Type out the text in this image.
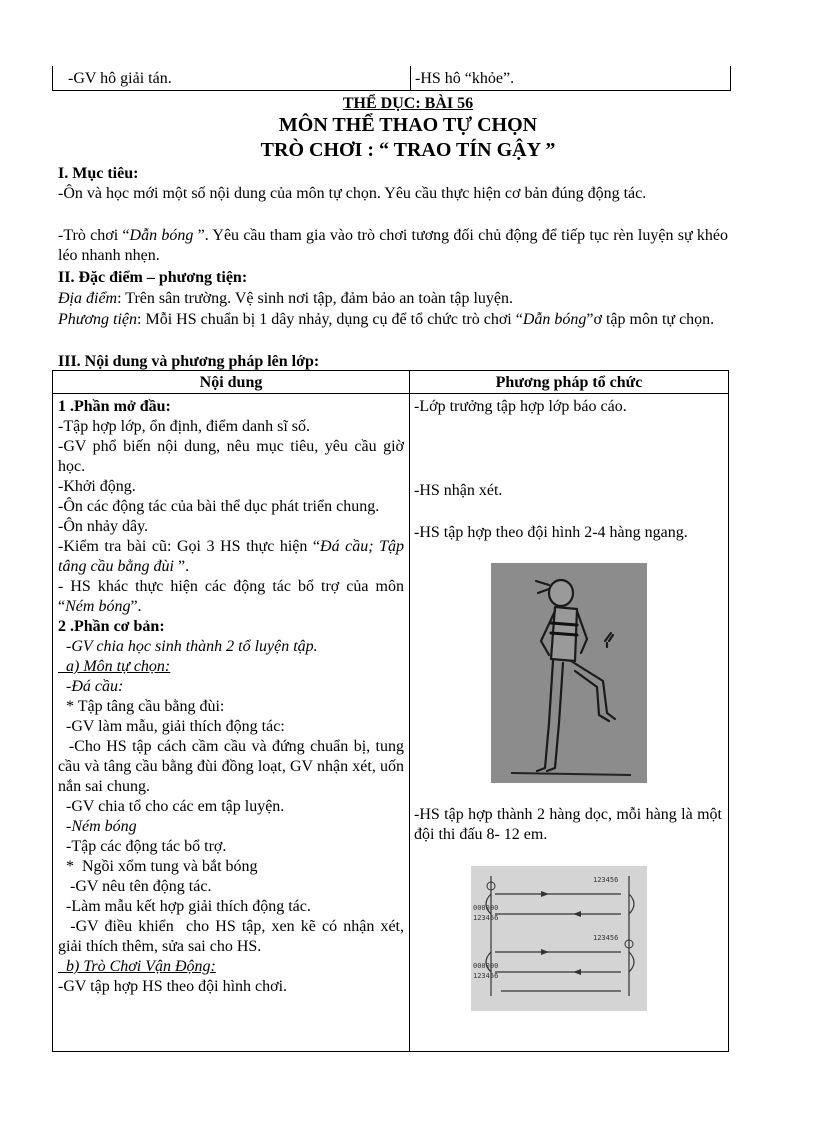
-GV hô giải tán.	-HS hô “khỏe”.
THỂ DỤC: BÀI 56
MÔN THỂ THAO TỰ CHỌN
TRÒ CHƠI : “ TRAO TÍN GẬY ”
I. Mục tiêu:
-Ôn và học mới một số nội dung của môn tự chọn. Yêu cầu thực hiện cơ bản đúng động tác.
-Trò chơi “Dẫn bóng ”. Yêu cầu tham gia vào trò chơi tương đối chủ động để tiếp tục rèn luyện sự khéo léo nhanh nhẹn.
II. Đặc điểm – phương tiện:
Địa điểm: Trên sân trường. Vệ sinh nơi tập, đảm bảo an toàn tập luyện.
Phương tiện: Mỗi HS chuẩn bị 1 dây nhảy, dụng cụ để tổ chức trò chơi “Dẫn bóng”ơ tập môn tự chọn.
III. Nội dung và phương pháp lên lớp:
Nội dung	Phương pháp tổ chức
1 .Phần mở đầu:
-Tập hợp lớp, ổn định, điểm danh sĩ số.
-GV phổ biến nội dung, nêu mục tiêu, yêu cầu giờ học.
-Khởi động.
-Ôn các động tác của bài thể dục phát triển chung.
-Ôn nhảy dây.
-Kiểm tra bài cũ: Gọi 3 HS thực hiện “Đá cầu; Tập tâng cầu bằng đùi ”.
- HS khác thực hiện các động tác bổ trợ của môn “Ném bóng”.
2 .Phần cơ bản:
-GV chia học sinh thành 2 tổ luyện tập.
a) Môn tự chọn:
-Đá cầu:
* Tập tâng cầu bằng đùi:
-GV làm mẫu, giải thích động tác:
-Cho HS tập cách cầm cầu và đứng chuẩn bị, tung cầu và tâng cầu bằng đùi đồng loạt, GV nhận xét, uốn nắn sai chung.
-GV chia tổ cho các em tập luyện.
-Ném bóng
-Tập các động tác bổ trợ.
*  Ngồi xổm tung và bắt bóng
-GV nêu tên động tác.
-Làm mẫu kết hợp giải thích động tác.
-GV điều khiển  cho HS tập, xen kẽ có nhận xét, giải thích thêm, sửa sai cho HS.
b) Trò Chơi Vận Động:
-GV tập hợp HS theo đội hình chơi.
-Lớp trưởng tập hợp lớp báo cáo.
-HS nhận xét.
-HS tập hợp theo đội hình 2-4 hàng ngang.
-HS tập hợp thành 2 hàng dọc, mỗi hàng là một đội thi đấu 8- 12 em.
123456
000000
123456
123456
000000
123456
